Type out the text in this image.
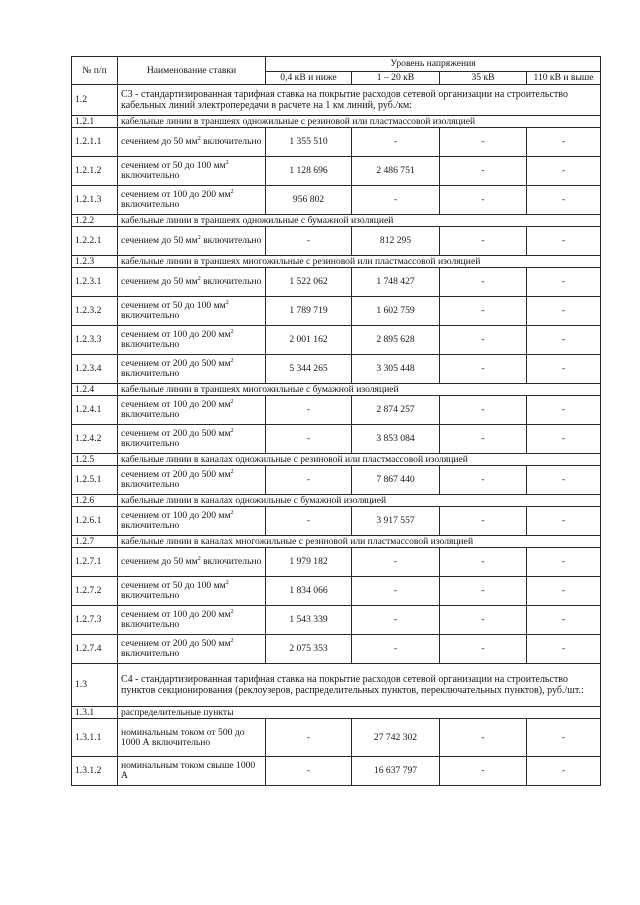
№ п/п	Наименование ставки	Уровень напряжения			
		0,4 кВ и ниже	1 – 20 кВ	35 кВ	110 кВ и выше
1.2	С3 - стандартизированная тарифная ставка на покрытие расходов сетевой организации на строительство кабельных линий электропередачи в расчете на 1 км линий, руб./км:				
1.2.1	кабельные линии в траншеях одножильные с резиновой или пластмассовой изоляцией				
1.2.1.1	сечением до 50 $мм^2$ включительно	1 355 510	-	-	-
1.2.1.2	сечением от 50 до 100 $мм^2$ включительно	1 128 696	2 486 751	-	-
1.2.1.3	сечением от 100 до 200 $мм^2$ включительно	956 802	-	-	-
1.2.2	кабельные линии в траншеях одножильные с бумажной изоляцией				
1.2.2.1	сечением до 50 $мм^2$ включительно	-	812 295	-	-
1.2.3	кабельные линии в траншеях многожильные с резиновой или пластмассовой изоляцией				
1.2.3.1	сечением до 50 $мм^2$ включительно	1 522 062	1 748 427	-	-
1.2.3.2	сечением от 50 до 100 $мм^2$ включительно	1 789 719	1 602 759	-	-
1.2.3.3	сечением от 100 до 200 $мм^2$ включительно	2 001 162	2 895 628	-	-
1.2.3.4	сечением от 200 до 500 $мм^2$ включительно	5 344 265	3 305 448	-	-
1.2.4	кабельные линии в траншеях многожильные с бумажной изоляцией				
1.2.4.1	сечением от 100 до 200 $мм^2$ включительно	-	2 874 257	-	-
1.2.4.2	сечением от 200 до 500 $мм^2$ включительно	-	3 853 084	-	-
1.2.5	кабельные линии в каналах одножильные с резиновой или пластмассовой изоляцией				
1.2.5.1	сечением от 200 до 500 $мм^2$ включительно	-	7 867 440	-	-
1.2.6	кабельные линии в каналах одножильные с бумажной изоляцией				
1.2.6.1	сечением от 100 до 200 $мм^2$ включительно	-	3 917 557	-	-
1.2.7	кабельные линии в каналах многожильные с резиновой или пластмассовой изоляцией				
1.2.7.1	сечением до 50 $мм^2$ включительно	1 979 182	-	-	-
1.2.7.2	сечением от 50 до 100 $мм^2$ включительно	1 834 066	-	-	-
1.2.7.3	сечением от 100 до 200 $мм^2$ включительно	1 543 339	-	-	-
1.2.7.4	сечением от 200 до 500 $мм^2$ включительно	2 075 353	-	-	-
1.3	С4 - стандартизированная тарифная ставка на покрытие расходов сетевой организации на строительство пунктов секционирования (реклоузеров, распределительных пунктов, переключательных пунктов), руб./шт.:				
1.3.1	распределительные пункты				
1.3.1.1	номинальным током от 500 до 1000 А включительно	-	27 742 302	-	-
1.3.1.2	номинальным током свыше 1000 А	-	16 637 797	-	-
